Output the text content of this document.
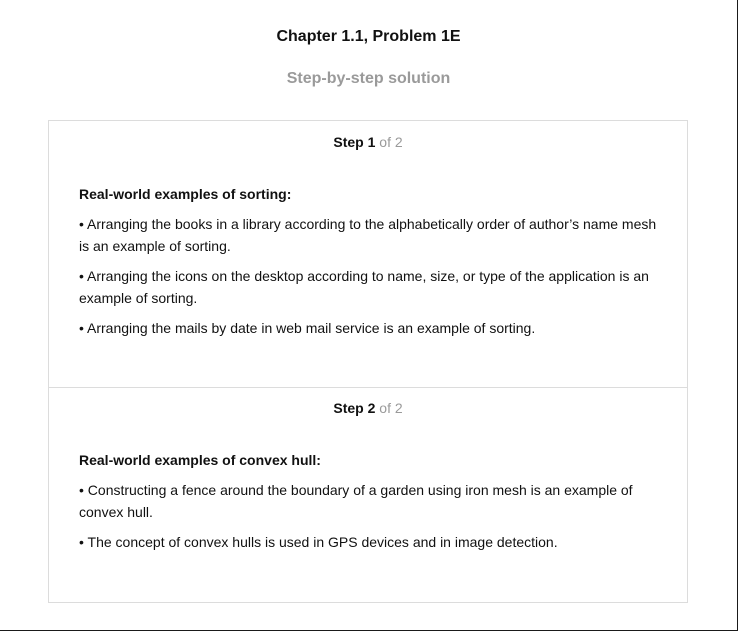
Chapter 1.1, Problem 1E
Step-by-step solution
Step 1 of 2

Real-world examples of sorting:

• Arranging the books in a library according to the alphabetically order of author’s name mesh is an example of sorting.

• Arranging the icons on the desktop according to name, size, or type of the application is an example of sorting.

• Arranging the mails by date in web mail service is an example of sorting.

Step 2 of 2

Real-world examples of convex hull:

• Constructing a fence around the boundary of a garden using iron mesh is an example of convex hull.

• The concept of convex hulls is used in GPS devices and in image detection.
